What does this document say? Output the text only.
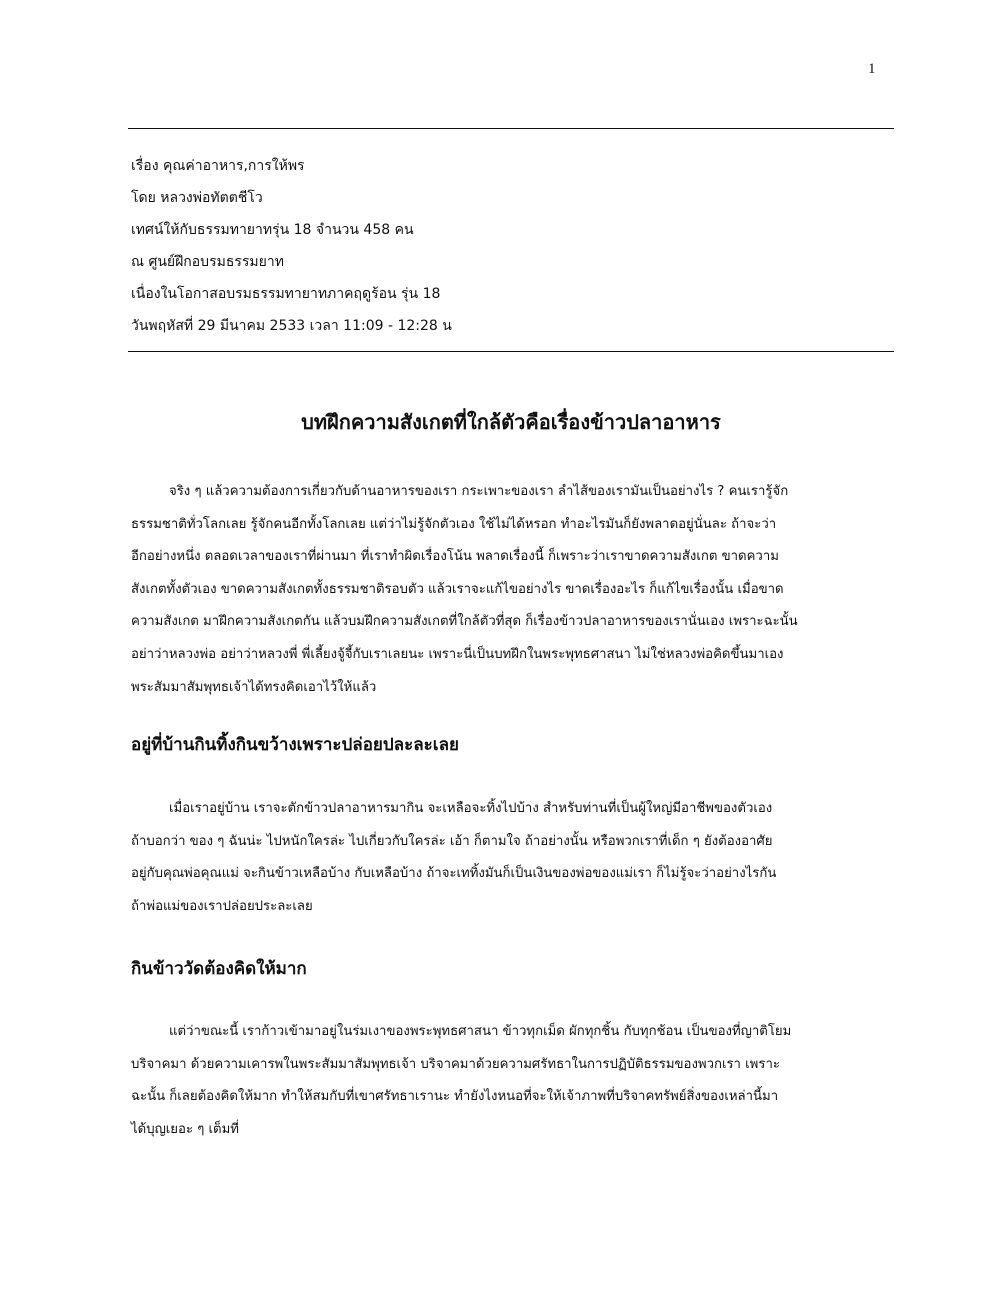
1
เรื่อง คุณค่าอาหาร,การให้พร
โดย หลวงพ่อทัตตชีโว
เทศน์ให้กับธรรมทายาทรุ่น 18 จำนวน 458 คน
ณ ศูนย์ฝึกอบรมธรรมยาท
เนื่องในโอกาสอบรมธรรมทายาทภาคฤดูร้อน รุ่น 18
วันพฤหัสที่ 29 มีนาคม 2533 เวลา 11:09 - 12:28 น
บทฝึกความสังเกตที่ใกล้ตัวคือเรื่องข้าวปลาอาหาร
จริง ๆ แล้วความต้องการเกี่ยวกับด้านอาหารของเรา กระเพาะของเรา ลำไส้ของเรามันเป็นอย่างไร ? คนเรารู้จัก
ธรรมชาติทั่วโลกเลย รู้จักคนอีกทั้งโลกเลย แต่ว่าไม่รู้จักตัวเอง ใช้ไม่ได้หรอก ทำอะไรมันก็ยังพลาดอยู่นั่นละ ถ้าจะว่า
อีกอย่างหนึ่ง ตลอดเวลาของเราที่ผ่านมา ที่เราทำผิดเรื่องโน้น พลาดเรื่องนี้ ก็เพราะว่าเราขาดความสังเกต ขาดความ
สังเกตทั้งตัวเอง ขาดความสังเกตทั้งธรรมชาติรอบตัว แล้วเราจะแก้ไขอย่างไร ขาดเรื่องอะไร ก็แก้ไขเรื่องนั้น เมื่อขาด
ความสังเกต มาฝึกความสังเกตกัน แล้วบมฝึกความสังเกตที่ใกล้ตัวที่สุด ก็เรื่องข้าวปลาอาหารของเรานั่นเอง เพราะฉะนั้น
อย่าว่าหลวงพ่อ อย่าว่าหลวงพี่ พี่เลี้ยงจู้จี้กับเราเลยนะ เพราะนี่เป็นบทฝึกในพระพุทธศาสนา ไม่ใช่หลวงพ่อคิดขึ้นมาเอง
พระสัมมาสัมพุทธเจ้าได้ทรงคิดเอาไว้ให้แล้ว
อยู่ที่บ้านกินทิ้งกินขว้างเพราะปล่อยปละละเลย
เมื่อเราอยู่บ้าน เราจะตักข้าวปลาอาหารมากิน จะเหลือจะทิ้งไปบ้าง สำหรับท่านที่เป็นผู้ใหญ่มีอาชีพของตัวเอง
ถ้าบอกว่า ของ ๆ ฉันน่ะ ไปหนักใครล่ะ ไปเกี่ยวกับใครล่ะ เอ้า ก็ตามใจ ถ้าอย่างนั้น หรือพวกเราที่เด็ก ๆ ยังต้องอาศัย
อยู่กับคุณพ่อคุณแม่ จะกินข้าวเหลือบ้าง กับเหลือบ้าง ถ้าจะเททิ้งมันก็เป็นเงินของพ่อของแม่เรา ก็ไม่รู้จะว่าอย่างไรกัน
ถ้าพ่อแม่ของเราปล่อยประละเลย
กินข้าววัดต้องคิดให้มาก
แต่ว่าขณะนี้ เราก้าวเข้ามาอยู่ในร่มเงาของพระพุทธศาสนา ข้าวทุกเม็ด ผักทุกชิ้น กับทุกช้อน เป็นของที่ญาติโยม
บริจาคมา ด้วยความเคารพในพระสัมมาสัมพุทธเจ้า บริจาคมาด้วยความศรัทธาในการปฏิบัติธรรมของพวกเรา เพราะ
ฉะนั้น ก็เลยต้องคิดให้มาก ทำให้สมกับที่เขาศรัทธาเรานะ ทำยังไงหนอที่จะให้เจ้าภาพที่บริจาคทรัพย์สิ่งของเหล่านี้มา
ได้บุญเยอะ ๆ เต็มที่
